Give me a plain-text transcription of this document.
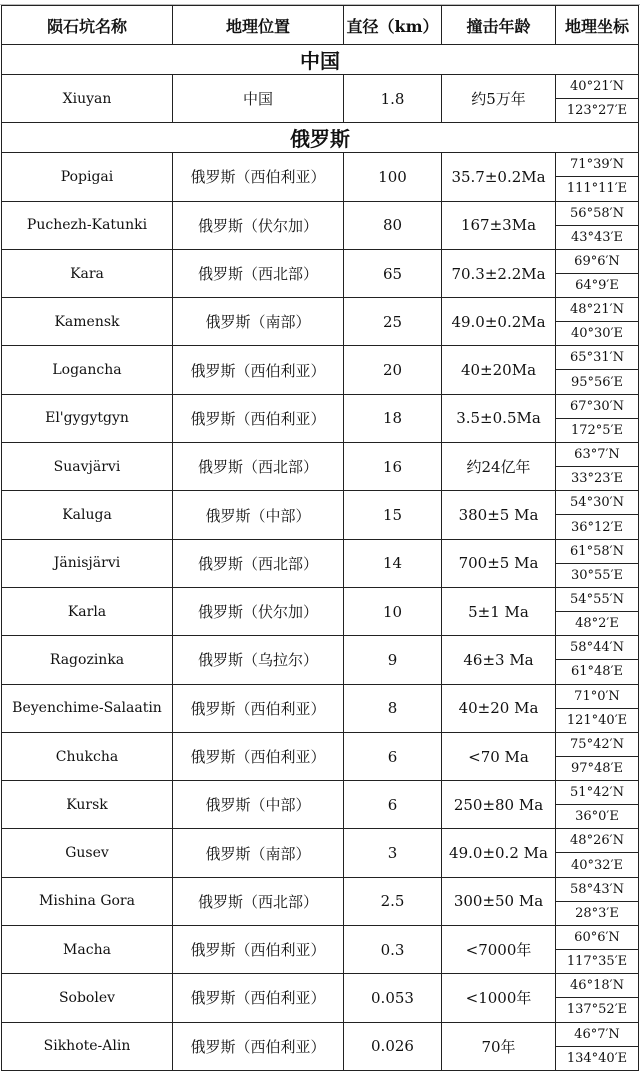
陨石坑名称	地理位置	直径（km）	撞击年龄	地理坐标
中国				
Xiuyan	中国	1.8	约5万年	40°21′N
				123°27′E
俄罗斯				
Popigai	俄罗斯（西伯利亚）	100	35.7±0.2Ma	71°39′N
				111°11′E
Puchezh-Katunki	俄罗斯（伏尔加）	80	167±3Ma	56°58′N
				43°43′E
Kara	俄罗斯（西北部）	65	70.3±2.2Ma	69°6′N
				64°9′E
Kamensk	俄罗斯（南部）	25	49.0±0.2Ma	48°21′N
				40°30′E
Logancha	俄罗斯（西伯利亚）	20	40±20Ma	65°31′N
				95°56′E
El'gygytgyn	俄罗斯（西伯利亚）	18	3.5±0.5Ma	67°30′N
				172°5′E
Suavjärvi	俄罗斯（西北部）	16	约24亿年	63°7′N
				33°23′E
Kaluga	俄罗斯（中部）	15	380±5 Ma	54°30′N
				36°12′E
Jänisjärvi	俄罗斯（西北部）	14	700±5 Ma	61°58′N
				30°55′E
Karla	俄罗斯（伏尔加）	10	5±1 Ma	54°55′N
				48°2′E
Ragozinka	俄罗斯（乌拉尔）	9	46±3 Ma	58°44′N
				61°48′E
Beyenchime-Salaatin	俄罗斯（西伯利亚）	8	40±20 Ma	71°0′N
				121°40′E
Chukcha	俄罗斯（西伯利亚）	6	<70 Ma	75°42′N
				97°48′E
Kursk	俄罗斯（中部）	6	250±80 Ma	51°42′N
				36°0′E
Gusev	俄罗斯（南部）	3	49.0±0.2 Ma	48°26′N
				40°32′E
Mishina Gora	俄罗斯（西北部）	2.5	300±50 Ma	58°43′N
				28°3′E
Macha	俄罗斯（西伯利亚）	0.3	<7000年	60°6′N
				117°35′E
Sobolev	俄罗斯（西伯利亚）	0.053	<1000年	46°18′N
				137°52′E
Sikhote-Alin	俄罗斯（西伯利亚）	0.026	70年	46°7′N
				134°40′E
